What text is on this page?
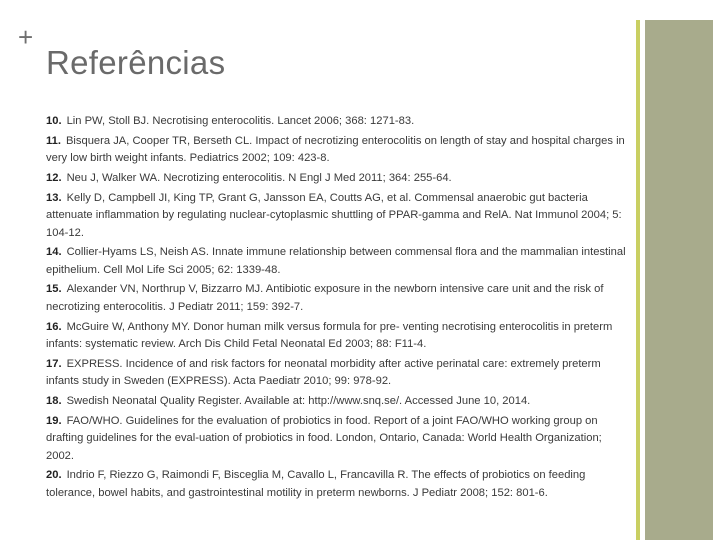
+
Referências
10. Lin PW, Stoll BJ. Necrotising enterocolitis. Lancet 2006; 368: 1271-83.
11. Bisquera JA, Cooper TR, Berseth CL. Impact of necrotizing enterocolitis on length of stay and hospital charges in very low birth weight infants. Pediatrics 2002; 109: 423-8.
12. Neu J, Walker WA. Necrotizing enterocolitis. N Engl J Med 2011; 364: 255-64.
13. Kelly D, Campbell JI, King TP, Grant G, Jansson EA, Coutts AG, et al. Commensal anaerobic gut bacteria attenuate inflammation by regulating nuclear-cytoplasmic shuttling of PPAR-gamma and RelA. Nat Immunol 2004; 5: 104-12.
14. Collier-Hyams LS, Neish AS. Innate immune relationship between commensal flora and the mammalian intestinal epithelium. Cell Mol Life Sci 2005; 62: 1339-48.
15. Alexander VN, Northrup V, Bizzarro MJ. Antibiotic exposure in the newborn intensive care unit and the risk of necrotizing enterocolitis. J Pediatr 2011; 159: 392-7.
16. McGuire W, Anthony MY. Donor human milk versus formula for pre- venting necrotising enterocolitis in preterm infants: systematic review. Arch Dis Child Fetal Neonatal Ed 2003; 88: F11-4.
17. EXPRESS. Incidence of and risk factors for neonatal morbidity after active perinatal care: extremely preterm infants study in Sweden (EXPRESS). Acta Paediatr 2010; 99: 978-92.
18. Swedish Neonatal Quality Register. Available at: http://www.snq.se/. Accessed June 10, 2014.
19. FAO/WHO. Guidelines for the evaluation of probiotics in food. Report of a joint FAO/WHO working group on drafting guidelines for the eval-uation of probiotics in food. London, Ontario, Canada: World Health Organization; 2002.
20. Indrio F, Riezzo G, Raimondi F, Bisceglia M, Cavallo L, Francavilla R. The effects of probiotics on feeding tolerance, bowel habits, and gastrointestinal motility in preterm newborns. J Pediatr 2008; 152: 801-6.
